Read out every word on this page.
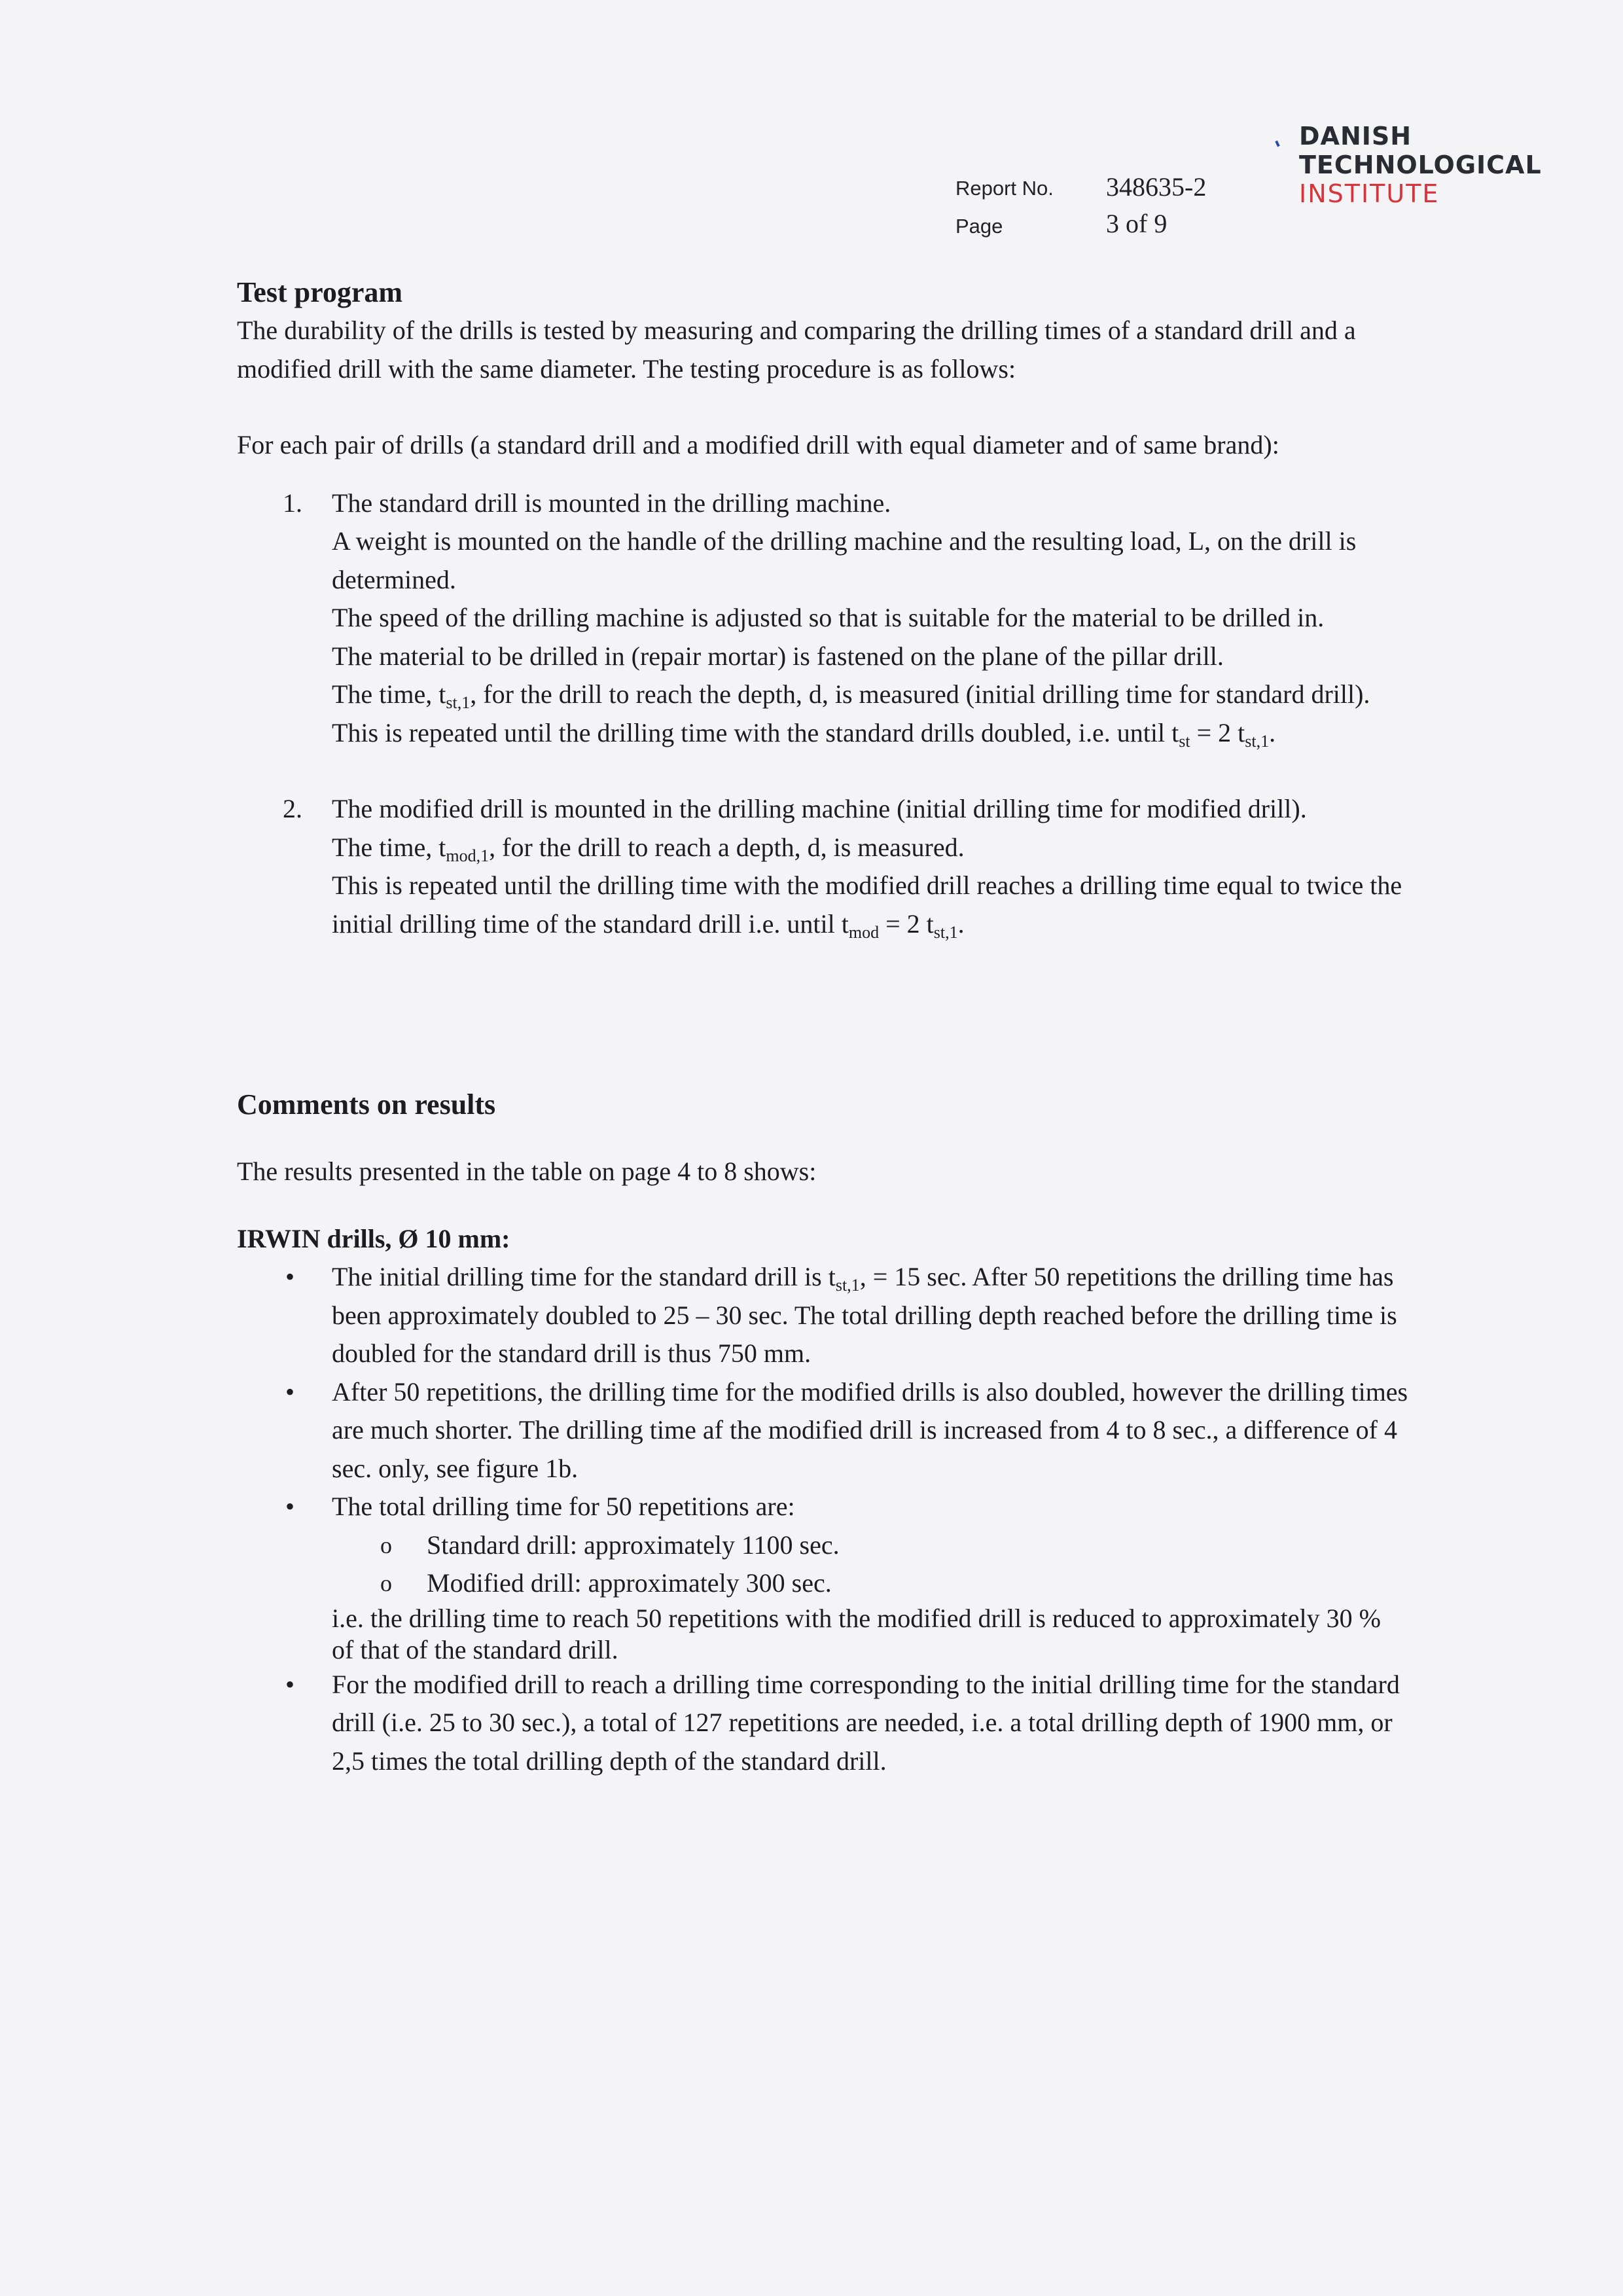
Report No. 348635-2
Page	3 of 9
DANISH
TECHNOLOGICAL
INSTITUTE
Test program

The durability of the drills is tested by measuring and comparing the drilling times of a standard drill and a modified drill with the same diameter. The testing procedure is as follows:

For each pair of drills (a standard drill and a modified drill with equal diameter and of same brand):

1. The standard drill is mounted in the drilling machine.

A weight is mounted on the handle of the drilling machine and the resulting load, L, on the drill is determined.

The speed of the drilling machine is adjusted so that is suitable for the material to be drilled in.

The material to be drilled in (repair mortar) is fastened on the plane of the pillar drill.

The time, $t_{st,1}$, for the drill to reach the depth, d, is measured (initial drilling time for standard drill).

This is repeated until the drilling time with the standard drills doubled, i.e. until $t_{st} = 2$ $t_{st,1}$.

2. The modified drill is mounted in the drilling machine (initial drilling time for modified drill).

The time, $t_{mod,1}$, for the drill to reach a depth, d, is measured.

This is repeated until the drilling time with the modified drill reaches a drilling time equal to twice the initial drilling time of the standard drill i.e. until $t_{mod} = 2$ $t_{st,1}$.

Comments on results

The results presented in the table on page 4 to 8 shows:

IRWIN drills, Ø 10 mm:

• The initial drilling time for the standard drill is $t_{st,1}$, = 15 sec. After 50 repetitions the drilling time has been approximately doubled to 25 – 30 sec. The total drilling depth reached before the drilling time is doubled for the standard drill is thus 750 mm.

• After 50 repetitions, the drilling time for the modified drills is also doubled, however the drilling times are much shorter. The drilling time af the modified drill is increased from 4 to 8 sec., a difference of 4 sec. only, see figure 1b.

• The total drilling time for 50 repetitions are:

o Standard drill: approximately 1100 sec.
o Modified drill: approximately 300 sec.

i.e. the drilling time to reach 50 repetitions with the modified drill is reduced to approximately 30 % of that of the standard drill.

• For the modified drill to reach a drilling time corresponding to the initial drilling time for the standard drill (i.e. 25 to 30 sec.), a total of 127 repetitions are needed, i.e. a total drilling depth of 1900 mm, or 2,5 times the total drilling depth of the standard drill.
